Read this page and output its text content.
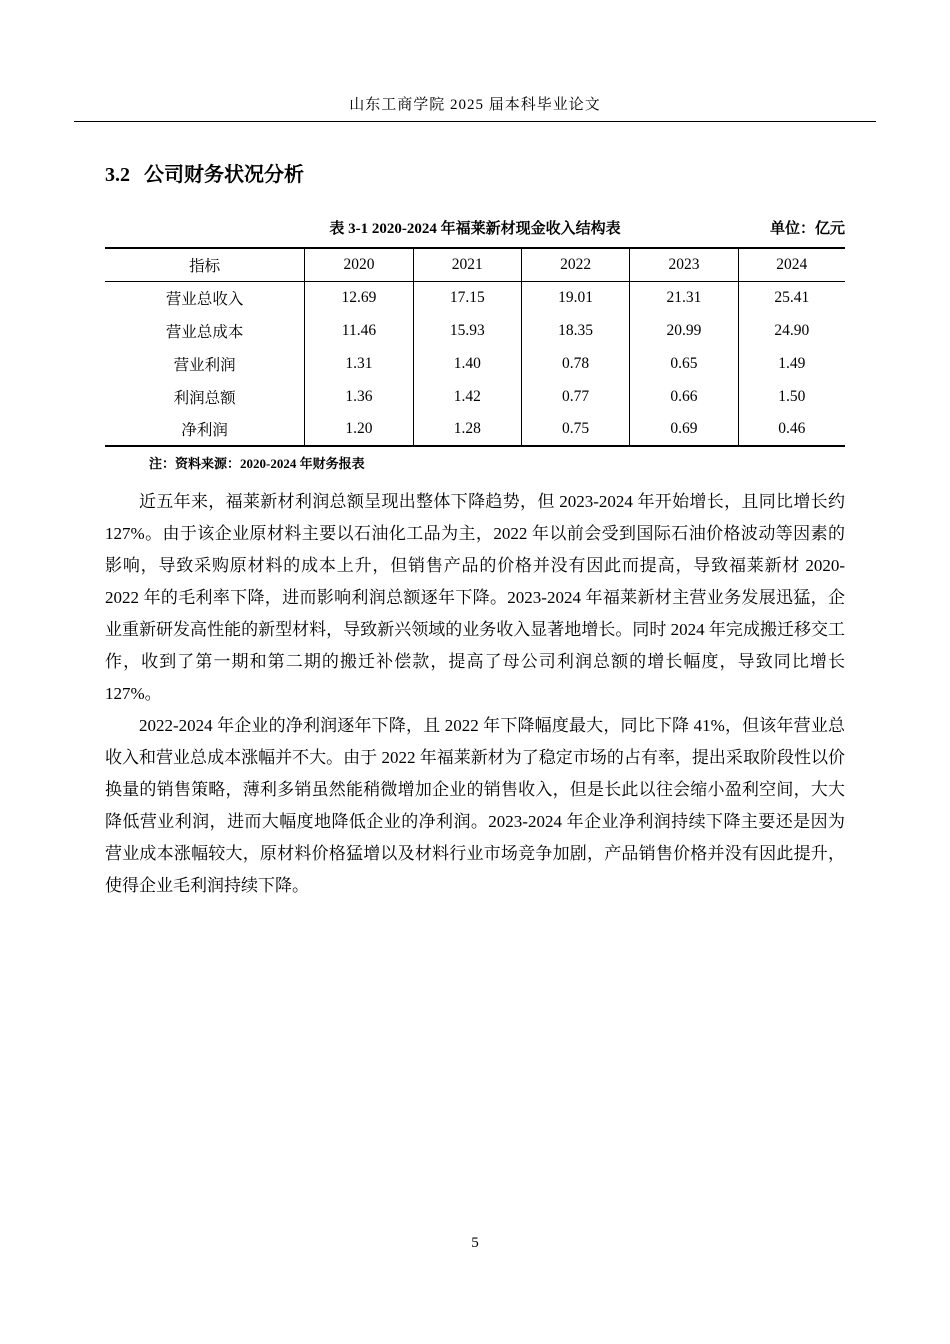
山东工商学院 2025 届本科毕业论文
3.2 公司财务状况分析
表 3-1 2020-2024 年福莱新材现金收入结构表	单位：亿元
指标	2020	2021	2022	2023	2024
营业总收入	12.69	17.15	19.01	21.31	25.41
营业总成本	11.46	15.93	18.35	20.99	24.90
营业利润	1.31	1.40	0.78	0.65	1.49
利润总额	1.36	1.42	0.77	0.66	1.50
净利润	1.20	1.28	0.75	0.69	0.46
注：资料来源：2020-2024 年财务报表

近五年来，福莱新材利润总额呈现出整体下降趋势，但 2023-2024 年开始增长，且同比增长约 127%。由于该企业原材料主要以石油化工品为主，2022 年以前会受到国际石油价格波动等因素的影响，导致采购原材料的成本上升，但销售产品的价格并没有因此而提高，导致福莱新材 2020-2022 年的毛利率下降，进而影响利润总额逐年下降。2023-2024 年福莱新材主营业务发展迅猛，企业重新研发高性能的新型材料，导致新兴领域的业务收入显著地增长。同时 2024 年完成搬迁移交工作，收到了第一期和第二期的搬迁补偿款，提高了母公司利润总额的增长幅度，导致同比增长 127%。

2022-2024 年企业的净利润逐年下降，且 2022 年下降幅度最大，同比下降 41%，但该年营业总收入和营业总成本涨幅并不大。由于 2022 年福莱新材为了稳定市场的占有率，提出采取阶段性以价换量的销售策略，薄利多销虽然能稍微增加企业的销售收入，但是长此以往会缩小盈利空间，大大降低营业利润，进而大幅度地降低企业的净利润。2023-2024 年企业净利润持续下降主要还是因为营业成本涨幅较大，原材料价格猛增以及材料行业市场竞争加剧，产品销售价格并没有因此提升，使得企业毛利润持续下降。

5
